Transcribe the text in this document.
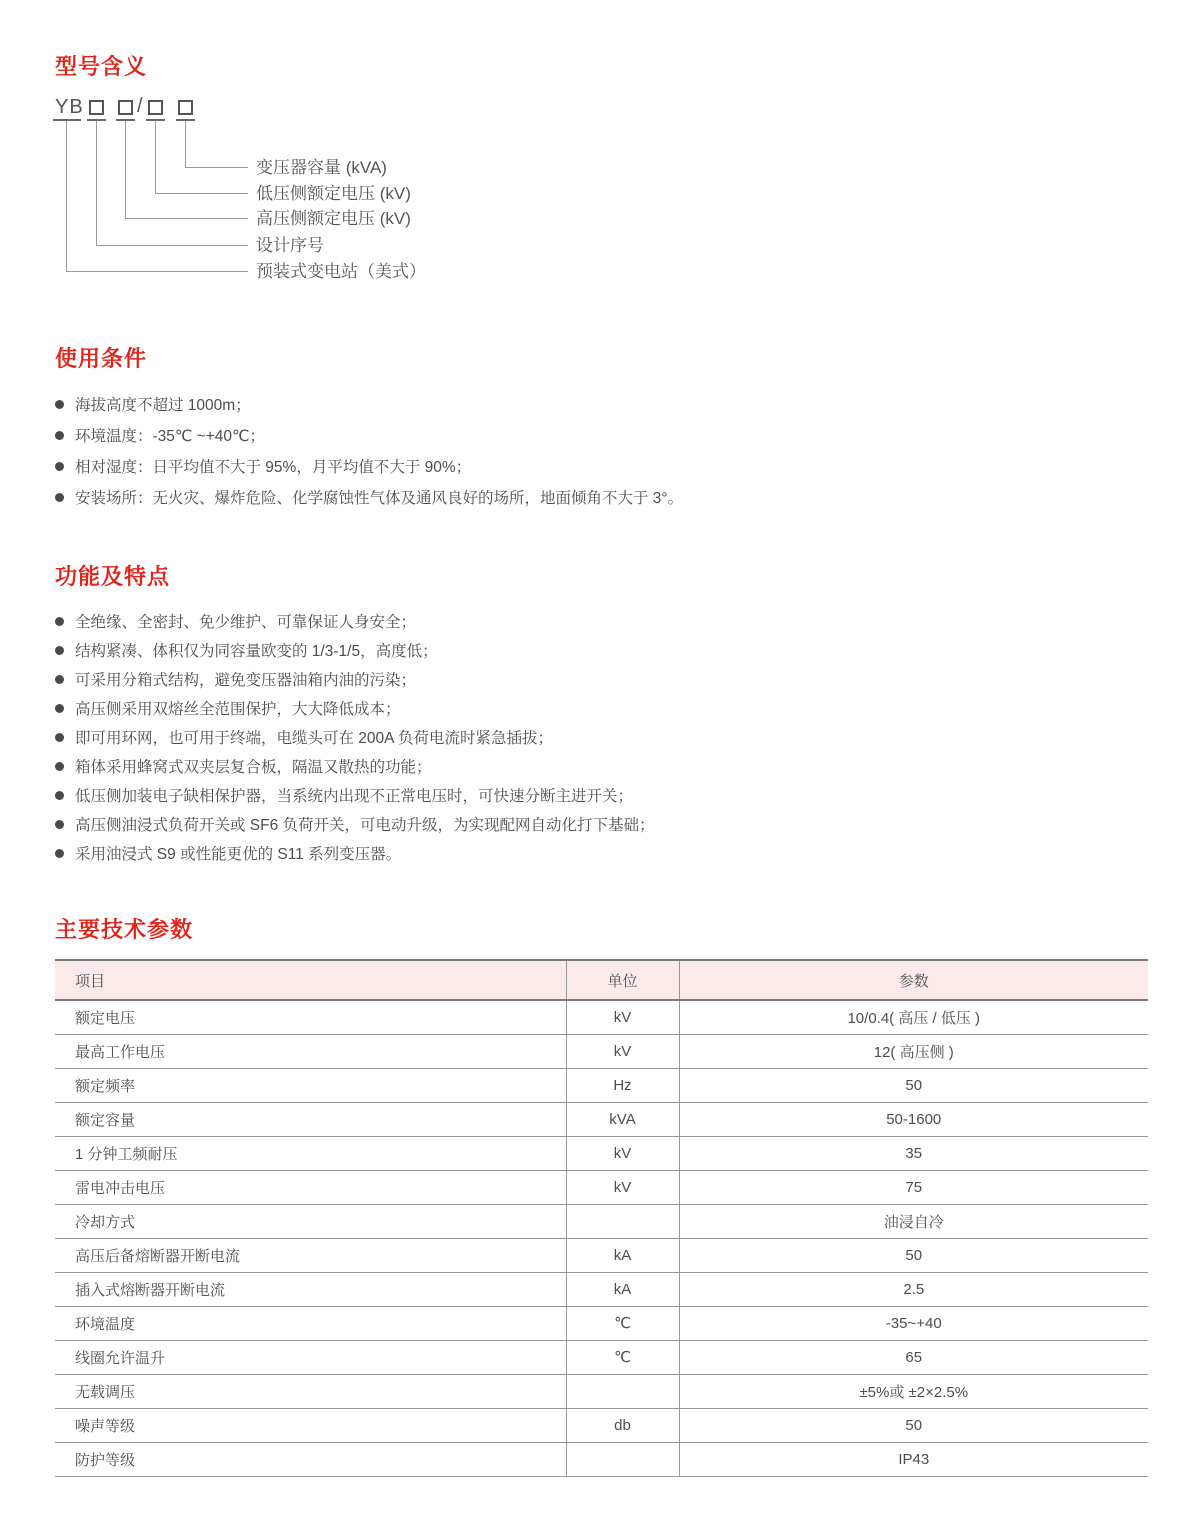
型号含义
YB	/
变压器容量 (kVA)
低压侧额定电压 (kV)
高压侧额定电压 (kV)
设计序号
预装式变电站（美式）
使用条件
海拔高度不超过 1000m；
环境温度：-35℃ ~+40℃；
相对湿度：日平均值不大于 95%，月平均值不大于 90%；
安装场所：无火灾、爆炸危险、化学腐蚀性气体及通风良好的场所，地面倾角不大于 3°。
功能及特点
全绝缘、全密封、免少维护、可靠保证人身安全；
结构紧凑、体积仅为同容量欧变的 1/3-1/5，高度低；
可采用分箱式结构，避免变压器油箱内油的污染；
高压侧采用双熔丝全范围保护，大大降低成本；
即可用环网，也可用于终端，电缆头可在 200A 负荷电流时紧急插拔；
箱体采用蜂窝式双夹层复合板，隔温又散热的功能；
低压侧加装电子缺相保护器，当系统内出现不正常电压时，可快速分断主进开关；
高压侧油浸式负荷开关或 SF6 负荷开关，可电动升级，为实现配网自动化打下基础；
采用油浸式 S9 或性能更优的 S11 系列变压器。
主要技术参数
项目	单位	参数
额定电压	kV	10/0.4( 高压 / 低压 )
最高工作电压	kV	12( 高压侧 )
额定频率	Hz	50
额定容量	kVA	50-1600
1 分钟工频耐压	kV	35
雷电冲击电压	kV	75
冷却方式		油浸自冷
高压后备熔断器开断电流	kA	50
插入式熔断器开断电流	kA	2.5
环境温度	℃	-35~+40
线圈允许温升	℃	65
无载调压		±5%或 ±2×2.5%
噪声等级	db	50
防护等级		IP43
